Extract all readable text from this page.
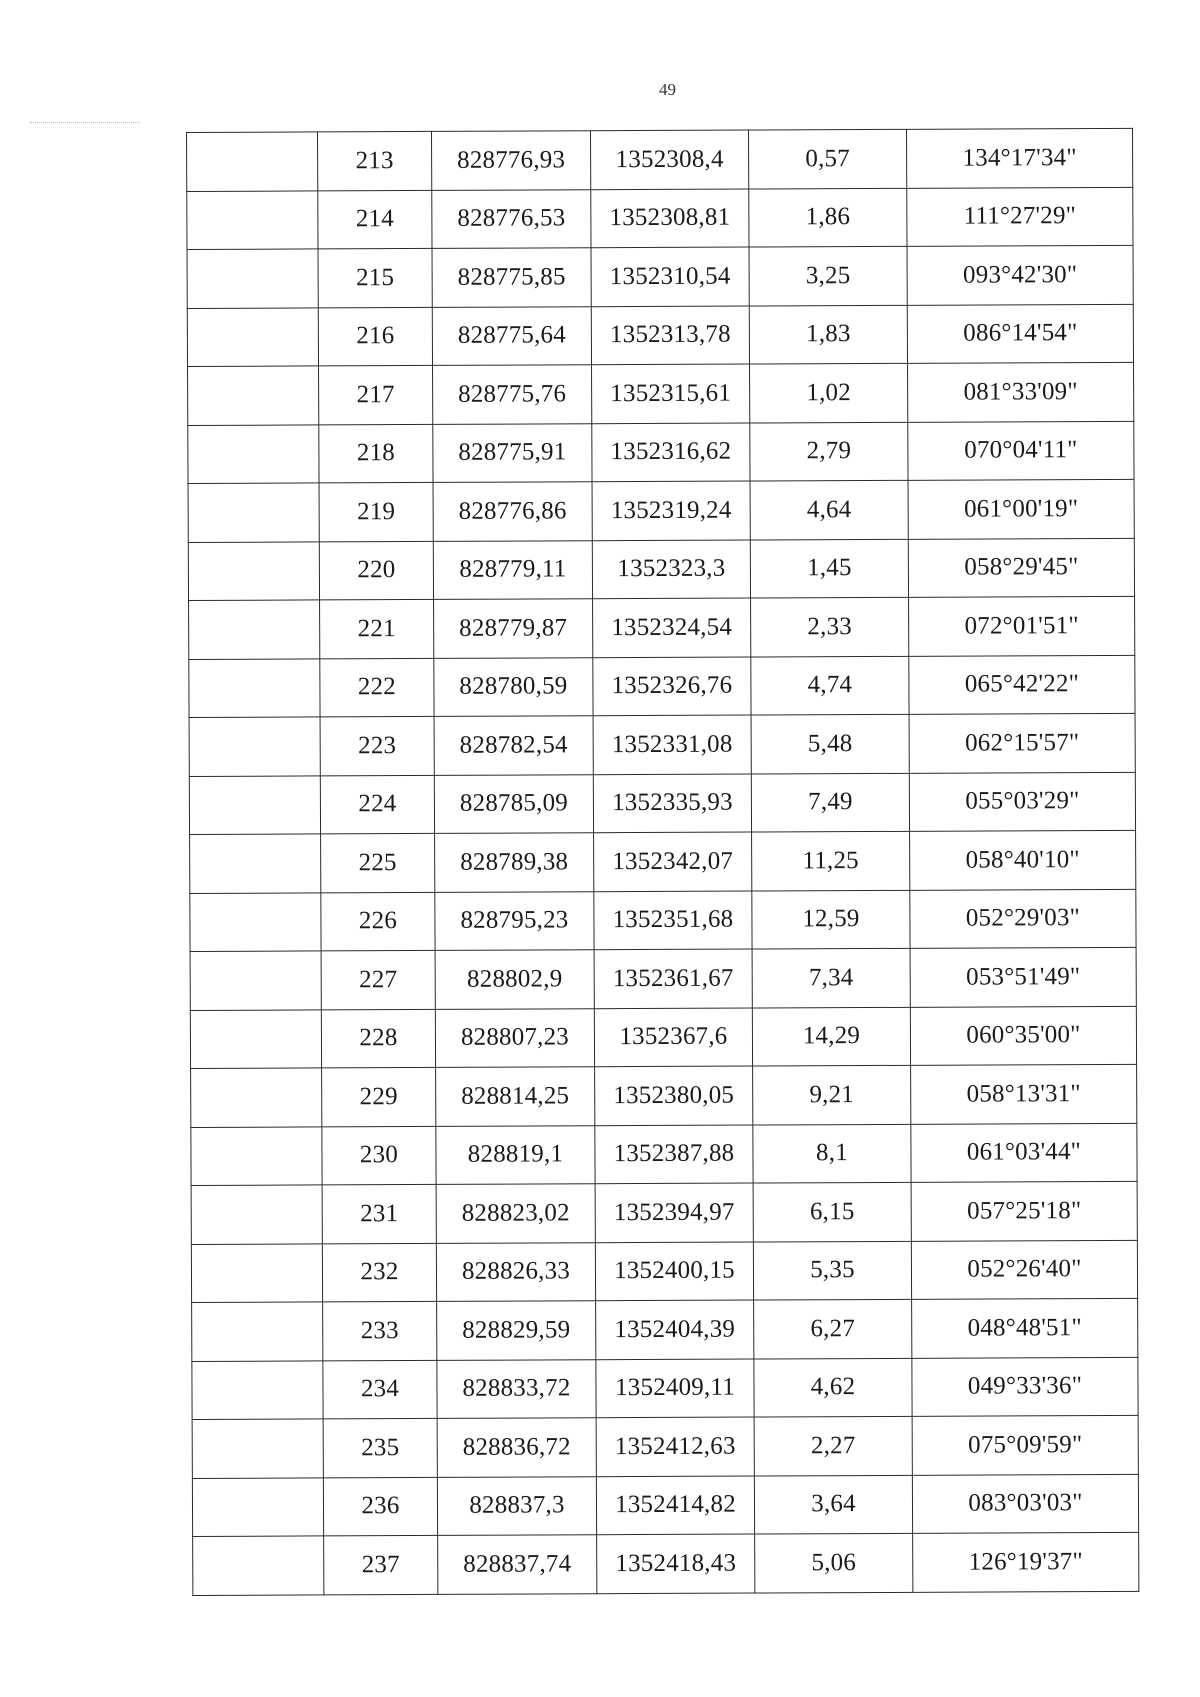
49
	213	828776,93	1352308,4	0,57	134°17'34"
	214	828776,53	1352308,81	1,86	111°27'29"
	215	828775,85	1352310,54	3,25	093°42'30"
	216	828775,64	1352313,78	1,83	086°14'54"
	217	828775,76	1352315,61	1,02	081°33'09"
	218	828775,91	1352316,62	2,79	070°04'11"
	219	828776,86	1352319,24	4,64	061°00'19"
	220	828779,11	1352323,3	1,45	058°29'45"
	221	828779,87	1352324,54	2,33	072°01'51"
	222	828780,59	1352326,76	4,74	065°42'22"
	223	828782,54	1352331,08	5,48	062°15'57"
	224	828785,09	1352335,93	7,49	055°03'29"
	225	828789,38	1352342,07	11,25	058°40'10"
	226	828795,23	1352351,68	12,59	052°29'03"
	227	828802,9	1352361,67	7,34	053°51'49"
	228	828807,23	1352367,6	14,29	060°35'00"
	229	828814,25	1352380,05	9,21	058°13'31"
	230	828819,1	1352387,88	8,1	061°03'44"
	231	828823,02	1352394,97	6,15	057°25'18"
	232	828826,33	1352400,15	5,35	052°26'40"
	233	828829,59	1352404,39	6,27	048°48'51"
	234	828833,72	1352409,11	4,62	049°33'36"
	235	828836,72	1352412,63	2,27	075°09'59"
	236	828837,3	1352414,82	3,64	083°03'03"
	237	828837,74	1352418,43	5,06	126°19'37"
